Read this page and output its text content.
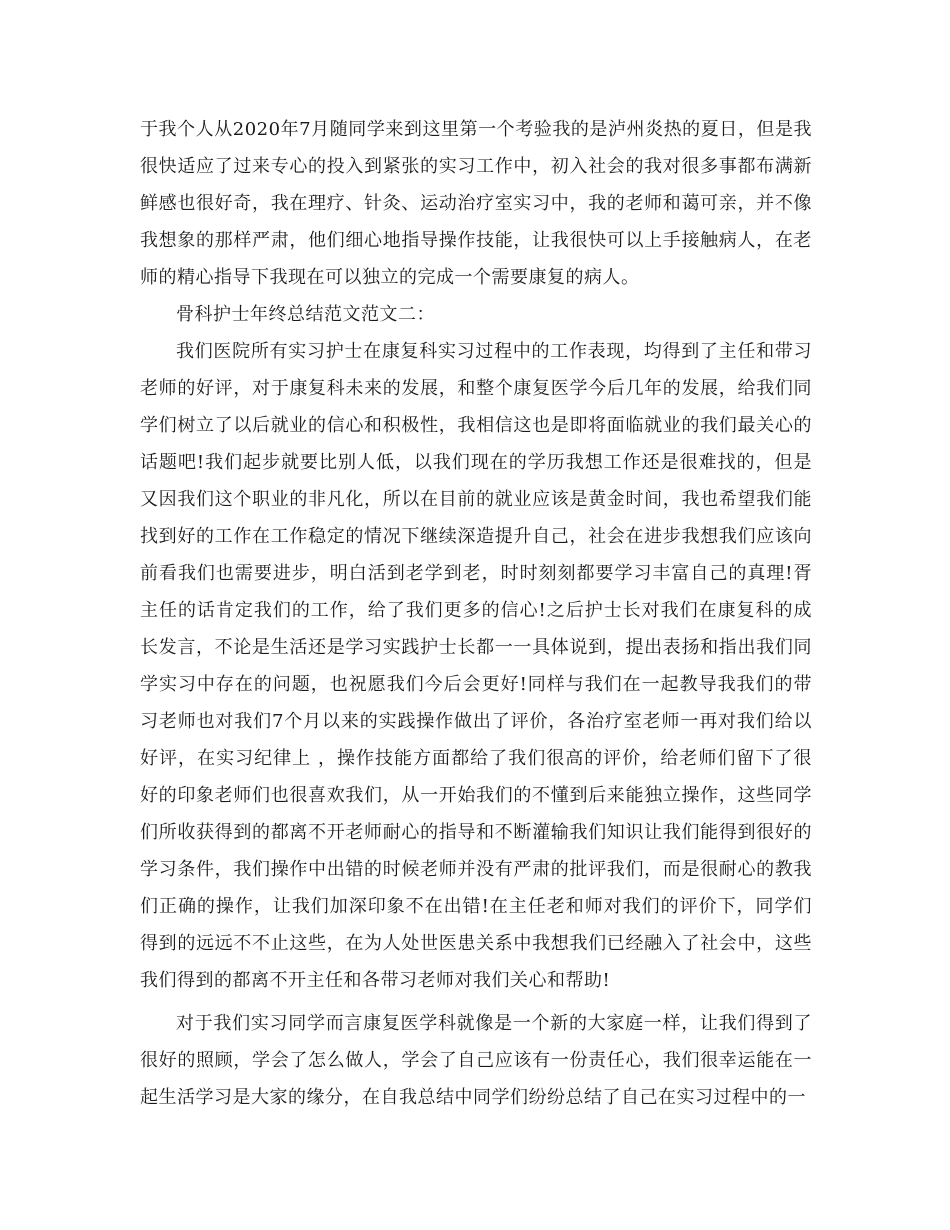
于我个人从2020年7月随同学来到这里第一个考验我的是泸州炎热的夏日，但是我很快适应了过来专心的投入到紧张的实习工作中，初入社会的我对很多事都布满新鲜感也很好奇，我在理疗、针灸、运动治疗室实习中，我的老师和蔼可亲，并不像我想象的那样严肃，他们细心地指导操作技能，让我很快可以上手接触病人，在老师的精心指导下我现在可以独立的完成一个需要康复的病人。

骨科护士年终总结范文范文二：

我们医院所有实习护士在康复科实习过程中的工作表现，均得到了主任和带习老师的好评，对于康复科未来的发展，和整个康复医学今后几年的发展，给我们同学们树立了以后就业的信心和积极性，我相信这也是即将面临就业的我们最关心的话题吧!我们起步就要比别人低，以我们现在的学历我想工作还是很难找的，但是又因我们这个职业的非凡化，所以在目前的就业应该是黄金时间，我也希望我们能找到好的工作在工作稳定的情况下继续深造提升自己，社会在进步我想我们应该向前看我们也需要进步，明白活到老学到老，时时刻刻都要学习丰富自己的真理!胥主任的话肯定我们的工作，给了我们更多的信心!之后护士长对我们在康复科的成长发言，不论是生活还是学习实践护士长都一一具体说到，提出表扬和指出我们同学实习中存在的问题，也祝愿我们今后会更好!同样与我们在一起教导我我们的带习老师也对我们7个月以来的实践操作做出了评价，各治疗室老师一再对我们给以好评，在实习纪律上 ，操作技能方面都给了我们很高的评价，给老师们留下了很好的印象老师们也很喜欢我们，从一开始我们的不懂到后来能独立操作，这些同学们所收获得到的都离不开老师耐心的指导和不断灌输我们知识让我们能得到很好的学习条件，我们操作中出错的时候老师并没有严肃的批评我们，而是很耐心的教我们正确的操作，让我们加深印象不在出错!在主任老和师对我们的评价下，同学们得到的远远不不止这些，在为人处世医患关系中我想我们已经融入了社会中，这些我们得到的都离不开主任和各带习老师对我们关心和帮助!

对于我们实习同学而言康复医学科就像是一个新的大家庭一样，让我们得到了很好的照顾，学会了怎么做人，学会了自己应该有一份责任心，我们很幸运能在一起生活学习是大家的缘分，在自我总结中同学们纷纷总结了自己在实习过程中的一
